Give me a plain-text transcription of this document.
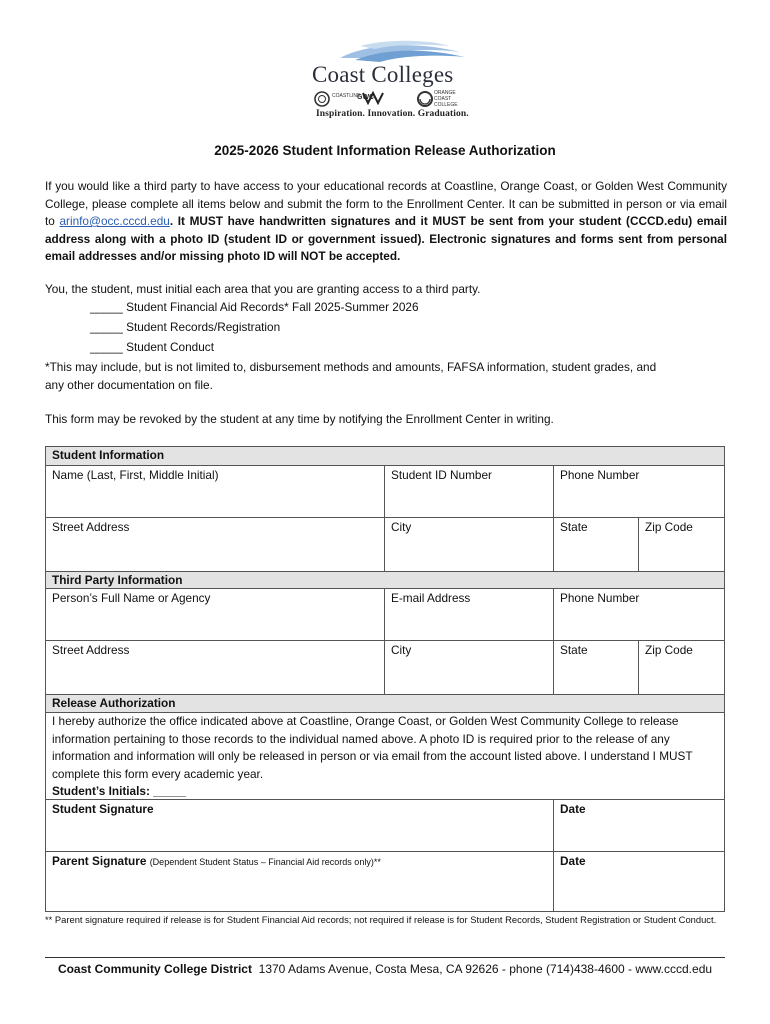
Coast Colleges
COASTLINE
GWC
ORANGE COAST COLLEGE
Inspiration. Innovation. Graduation.
2025-2026 Student Information Release Authorization

If you would like a third party to have access to your educational records at Coastline, Orange Coast, or Golden West Community College, please complete all items below and submit the form to the Enrollment Center. It can be submitted in person or via email to arinfo@occ.cccd.edu. It MUST have handwritten signatures and it MUST be sent from your student (CCCD.edu) email address along with a photo ID (student ID or government issued). Electronic signatures and forms sent from personal email addresses and/or missing photo ID will NOT be accepted.

You, the student, must initial each area that you are granting access to a third party.
_____ Student Financial Aid Records* Fall 2025-Summer 2026
_____ Student Records/Registration
_____ Student Conduct
*This may include, but is not limited to, disbursement methods and amounts, FAFSA information, student grades, and
any other documentation on file.
This form may be revoked by the student at any time by notifying the Enrollment Center in writing.
Student Information
Name (Last, First, Middle Initial)	Student ID Number	Phone Number
Street Address	City	State	Zip Code
Third Party Information
Person’s Full Name or Agency	E-mail Address	Phone Number
Street Address	City	State	Zip Code
Release Authorization
I hereby authorize the office indicated above at Coastline, Orange Coast, or Golden West Community College to release information pertaining to those records to the individual named above. A photo ID is required prior to the release of any information and information will only be released in person or via email from the account listed above. I understand I MUST complete this form every academic year.
Student’s Initials: _____
Student Signature	Date
Parent Signature (Dependent Student Status – Financial Aid records only)**	Date
** Parent signature required if release is for Student Financial Aid records; not required if release is for Student Records, Student Registration or Student Conduct.
Coast Community College District 1370 Adams Avenue, Costa Mesa, CA 92626 - phone (714)438-4600 - www.cccd.edu
